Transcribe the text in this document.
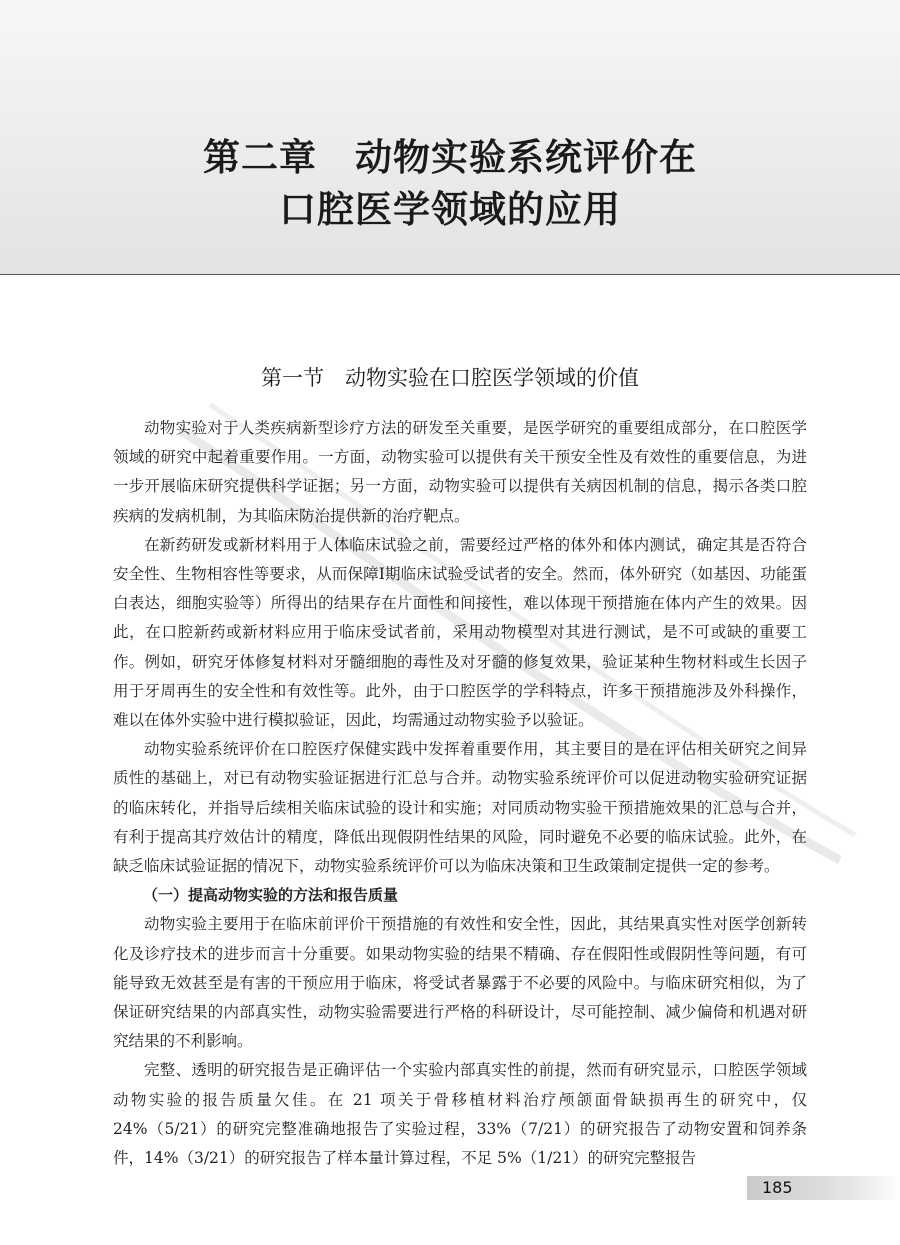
第二章　动物实验系统评价在
口腔医学领域的应用
第一节　动物实验在口腔医学领域的价值

动物实验对于人类疾病新型诊疗方法的研发至关重要，是医学研究的重要组成部分，在口腔医学领域的研究中起着重要作用。一方面，动物实验可以提供有关干预安全性及有效性的重要信息，为进一步开展临床研究提供科学证据；另一方面，动物实验可以提供有关病因机制的信息，揭示各类口腔疾病的发病机制，为其临床防治提供新的治疗靶点。

在新药研发或新材料用于人体临床试验之前，需要经过严格的体外和体内测试，确定其是否符合安全性、生物相容性等要求，从而保障Ⅰ期临床试验受试者的安全。然而，体外研究（如基因、功能蛋白表达，细胞实验等）所得出的结果存在片面性和间接性，难以体现干预措施在体内产生的效果。因此，在口腔新药或新材料应用于临床受试者前，采用动物模型对其进行测试，是不可或缺的重要工作。例如，研究牙体修复材料对牙髓细胞的毒性及对牙髓的修复效果，验证某种生物材料或生长因子用于牙周再生的安全性和有效性等。此外，由于口腔医学的学科特点，许多干预措施涉及外科操作，难以在体外实验中进行模拟验证，因此，均需通过动物实验予以验证。

动物实验系统评价在口腔医疗保健实践中发挥着重要作用，其主要目的是在评估相关研究之间异质性的基础上，对已有动物实验证据进行汇总与合并。动物实验系统评价可以促进动物实验研究证据的临床转化，并指导后续相关临床试验的设计和实施；对同质动物实验干预措施效果的汇总与合并，有利于提高其疗效估计的精度，降低出现假阴性结果的风险，同时避免不必要的临床试验。此外，在缺乏临床试验证据的情况下，动物实验系统评价可以为临床决策和卫生政策制定提供一定的参考。

（一）提高动物实验的方法和报告质量

动物实验主要用于在临床前评价干预措施的有效性和安全性，因此，其结果真实性对医学创新转化及诊疗技术的进步而言十分重要。如果动物实验的结果不精确、存在假阳性或假阴性等问题，有可能导致无效甚至是有害的干预应用于临床，将受试者暴露于不必要的风险中。与临床研究相似，为了保证研究结果的内部真实性，动物实验需要进行严格的科研设计，尽可能控制、减少偏倚和机遇对研究结果的不利影响。

完整、透明的研究报告是正确评估一个实验内部真实性的前提，然而有研究显示，口腔医学领域动物实验的报告质量欠佳。在 21 项关于骨移植材料治疗颅颌面骨缺损再生的研究中，仅 24%（5/21）的研究完整准确地报告了实验过程，33%（7/21）的研究报告了动物安置和饲养条件，14%（3/21）的研究报告了样本量计算过程，不足 5%（1/21）的研究完整报告

185
